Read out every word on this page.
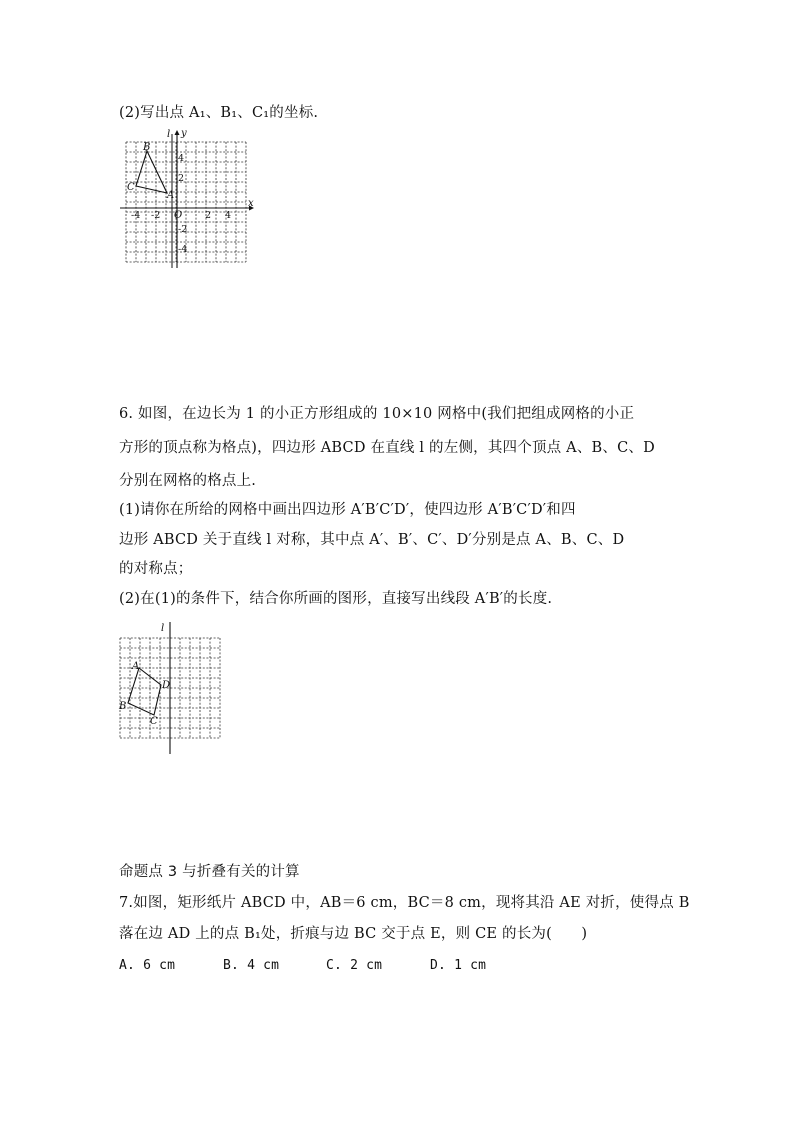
(2)写出点 A₁、B₁、C₁的坐标.
l y
x
O
-4 -2	2 4
4
2
-2
-4
B
C
A
6. 如图，在边长为 1 的小正方形组成的 10×10 网格中(我们把组成网格的小正
方形的顶点称为格点)，四边形 ABCD 在直线 l 的左侧，其四个顶点 A、B、C、D
分别在网格的格点上.
(1)请你在所给的网格中画出四边形 A′B′C′D′，使四边形 A′B′C′D′和四
边形 ABCD 关于直线 l 对称，其中点 A′、B′、C′、D′分别是点 A、B、C、D
的对称点；
(2)在(1)的条件下，结合你所画的图形，直接写出线段 A′B′的长度.
l
A
D
B
C
命题点 3 与折叠有关的计算
7.如图，矩形纸片 ABCD 中，AB＝6 cm，BC＝8 cm，现将其沿 AE 对折，使得点 B
落在边 AD 上的点 B₁处，折痕与边 BC 交于点 E，则 CE 的长为(　　)
A. 6 cm	B. 4 cm	C. 2 cm	D. 1 cm
